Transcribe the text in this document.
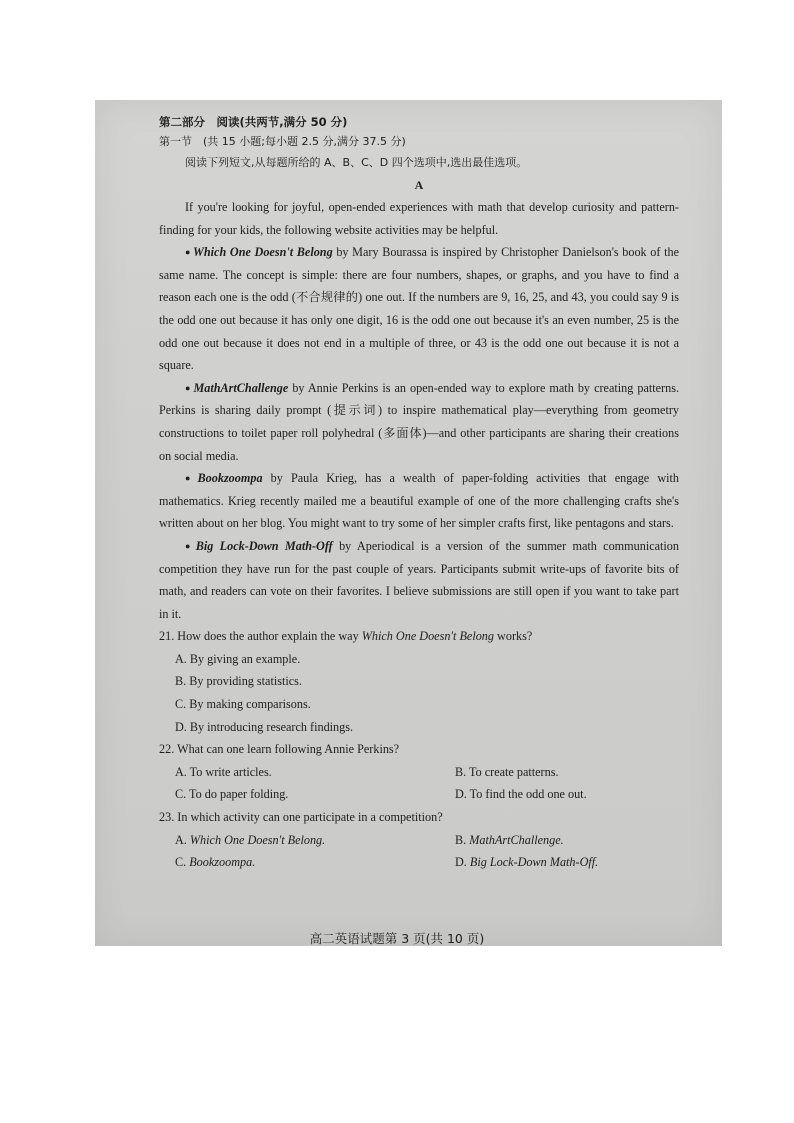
第二部分　阅读(共两节,满分 50 分)

第一节　(共 15 小题;每小题 2.5 分,满分 37.5 分)

阅读下列短文,从每题所给的 A、B、C、D 四个选项中,选出最佳选项。

A

If you're looking for joyful, open-ended experiences with math that develop curiosity and pattern-finding for your kids, the following website activities may be helpful.

● Which One Doesn't Belong by Mary Bourassa is inspired by Christopher Danielson's book of the same name. The concept is simple: there are four numbers, shapes, or graphs, and you have to find a reason each one is the odd (不合规律的) one out. If the numbers are 9, 16, 25, and 43, you could say 9 is the odd one out because it has only one digit, 16 is the odd one out because it's an even number, 25 is the odd one out because it does not end in a multiple of three, or 43 is the odd one out because it is not a square.

● MathArtChallenge by Annie Perkins is an open-ended way to explore math by creating patterns. Perkins is sharing daily prompt (提示词) to inspire mathematical play—everything from geometry constructions to toilet paper roll polyhedral (多面体)—and other participants are sharing their creations on social media.

● Bookzoompa by Paula Krieg, has a wealth of paper-folding activities that engage with mathematics. Krieg recently mailed me a beautiful example of one of the more challenging crafts she's written about on her blog. You might want to try some of her simpler crafts first, like pentagons and stars.

● Big Lock-Down Math-Off by Aperiodical is a version of the summer math communication competition they have run for the past couple of years. Participants submit write-ups of favorite bits of math, and readers can vote on their favorites. I believe submissions are still open if you want to take part in it.

21. How does the author explain the way Which One Doesn't Belong works?

A. By giving an example.

B. By providing statistics.

C. By making comparisons.

D. By introducing research findings.

22. What can one learn following Annie Perkins?

A. To write articles.	B. To create patterns.
C. To do paper folding.	D. To find the odd one out.

23. In which activity can one participate in a competition?

A. Which One Doesn't Belong.	B. MathArtChallenge.
C. Bookzoompa.	D. Big Lock-Down Math-Off.
高二英语试题第 3 页(共 10 页)
